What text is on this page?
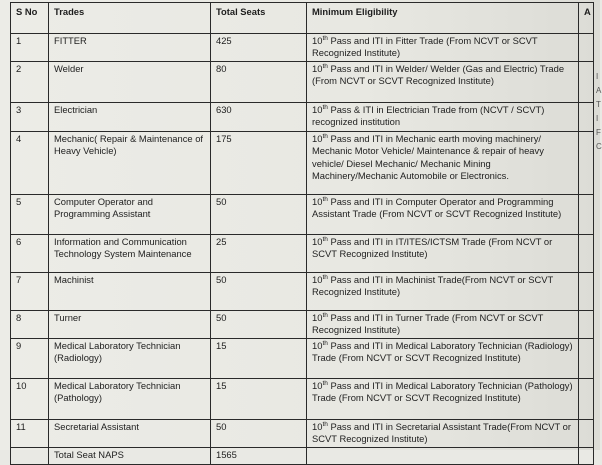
S No	Trades	Total Seats	Minimum Eligibility	A
1	FITTER	425	10th Pass and ITI in Fitter Trade (From NCVT or SCVT Recognized Institute)	
2	Welder	80	10th Pass and ITI in Welder/ Welder (Gas and Electric) Trade (From NCVT or SCVT Recognized Institute)	
3	Electrician	630	10th Pass & ITI in Electrician Trade from (NCVT / SCVT) recognized institution	
4	Mechanic( Repair & Maintenance of Heavy Vehicle)	175	10th Pass and ITI in Mechanic earth moving machinery/ Mechanic Motor Vehicle/ Maintenance & repair of heavy vehicle/ Diesel Mechanic/ Mechanic Mining Machinery/Mechanic Automobile or Electronics.	
5	Computer Operator and Programming Assistant	50	10th Pass and ITI in Computer Operator and Programming Assistant Trade (From NCVT or SCVT Recognized Institute)	
6	Information and Communication Technology System Maintenance	25	10th Pass and ITI in IT/ITES/ICTSM Trade (From NCVT or SCVT Recognized Institute)	
7	Machinist	50	10th Pass and ITI in Machinist Trade(From NCVT or SCVT Recognized Institute)	
8	Turner	50	10th Pass and ITI in Turner Trade (From NCVT or SCVT Recognized Institute)	
9	Medical Laboratory Technician (Radiology)	15	10th Pass and ITI in Medical Laboratory Technician (Radiology) Trade (From NCVT or SCVT Recognized Institute)	
10	Medical Laboratory Technician (Pathology)	15	10th Pass and ITI in Medical Laboratory Technician (Pathology) Trade (From NCVT or SCVT Recognized Institute)	
11	Secretarial Assistant	50	10th Pass and ITI in Secretarial Assistant Trade(From NCVT or SCVT Recognized Institute)	
	Total Seat NAPS	1565		
I
A
T
I
F
C
